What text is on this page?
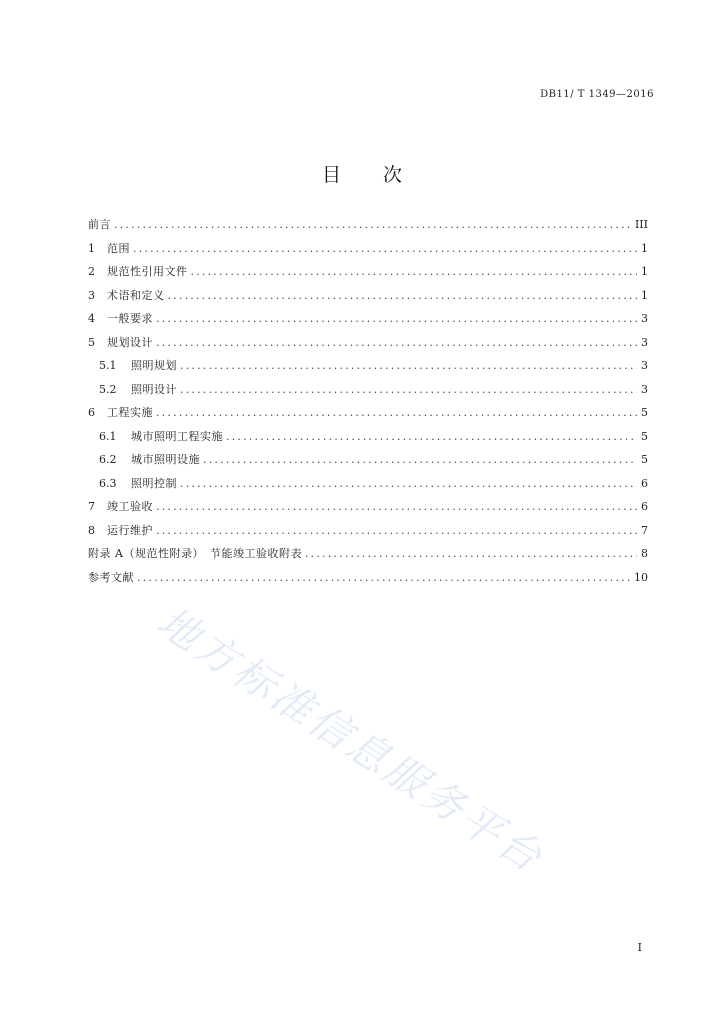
DB11/ T 1349—2016
目 次
前言 .....	III
1	范围 .....	1
2	规范性引用文件 .....	1
3	术语和定义 .....	1
4	一般要求 .....	3
5	规划设计 .....	3
5.1	照明规划 .....	3
5.2	照明设计 .....	3
6	工程实施 .....	5
6.1	城市照明工程实施 .....	5
6.2	城市照明设施 .....	5
6.3	照明控制 .....	6
7	竣工验收 .....	6
8	运行维护 .....	7
附录 A（规范性附录）　节能竣工验收附表 .....	8
参考文献 .....	10
地方标准信息服务平台
I
